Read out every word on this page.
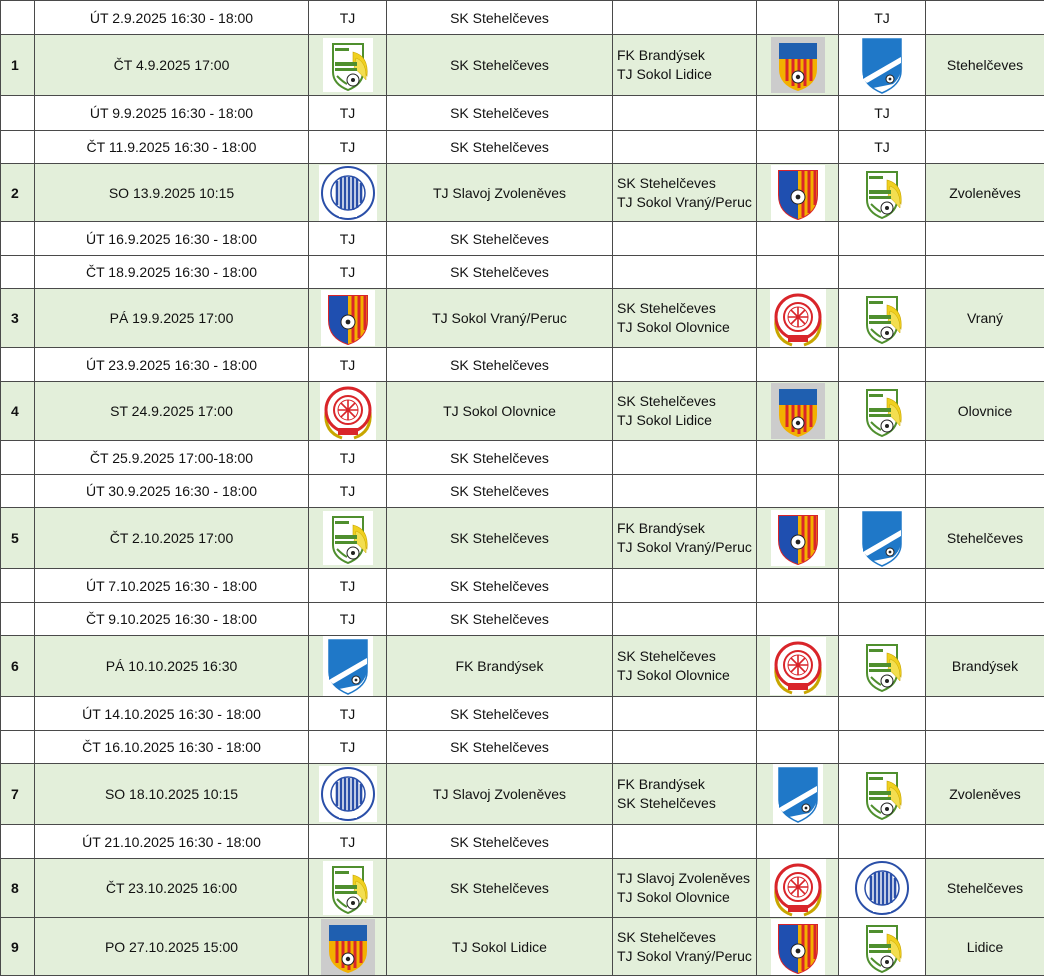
	ÚT 2.9.2025 16:30 - 18:00	TJ	SK Stehelčeves			TJ	
1	ČT 4.9.2025 17:00		SK Stehelčeves	FK Brandýsek
TJ Sokol Lidice			Stehelčeves
	ÚT 9.9.2025 16:30 - 18:00	TJ	SK Stehelčeves			TJ	
	ČT 11.9.2025 16:30 - 18:00	TJ	SK Stehelčeves			TJ	
2	SO 13.9.2025 10:15		TJ Slavoj Zvoleněves	SK Stehelčeves
TJ Sokol Vraný/Peruc			Zvoleněves
	ÚT 16.9.2025 16:30 - 18:00	TJ	SK Stehelčeves				
	ČT 18.9.2025 16:30 - 18:00	TJ	SK Stehelčeves				
3	PÁ 19.9.2025 17:00		TJ Sokol Vraný/Peruc	SK Stehelčeves
TJ Sokol Olovnice			Vraný
	ÚT 23.9.2025 16:30 - 18:00	TJ	SK Stehelčeves				
4	ST 24.9.2025 17:00		TJ Sokol Olovnice	SK Stehelčeves
TJ Sokol Lidice			Olovnice
	ČT 25.9.2025 17:00-18:00	TJ	SK Stehelčeves				
	ÚT 30.9.2025 16:30 - 18:00	TJ	SK Stehelčeves				
5	ČT 2.10.2025 17:00		SK Stehelčeves	FK Brandýsek
TJ Sokol Vraný/Peruc			Stehelčeves
	ÚT 7.10.2025 16:30 - 18:00	TJ	SK Stehelčeves				
	ČT 9.10.2025 16:30 - 18:00	TJ	SK Stehelčeves				
6	PÁ 10.10.2025 16:30		FK Brandýsek	SK Stehelčeves
TJ Sokol Olovnice			Brandýsek
	ÚT 14.10.2025 16:30 - 18:00	TJ	SK Stehelčeves				
	ČT 16.10.2025 16:30 - 18:00	TJ	SK Stehelčeves				
7	SO 18.10.2025 10:15		TJ Slavoj Zvoleněves	FK Brandýsek
SK Stehelčeves			Zvoleněves
	ÚT 21.10.2025 16:30 - 18:00	TJ	SK Stehelčeves				
8	ČT 23.10.2025 16:00		SK Stehelčeves	TJ Slavoj Zvoleněves
TJ Sokol Olovnice			Stehelčeves
9	PO 27.10.2025 15:00		TJ Sokol Lidice	SK Stehelčeves
TJ Sokol Vraný/Peruc			Lidice
